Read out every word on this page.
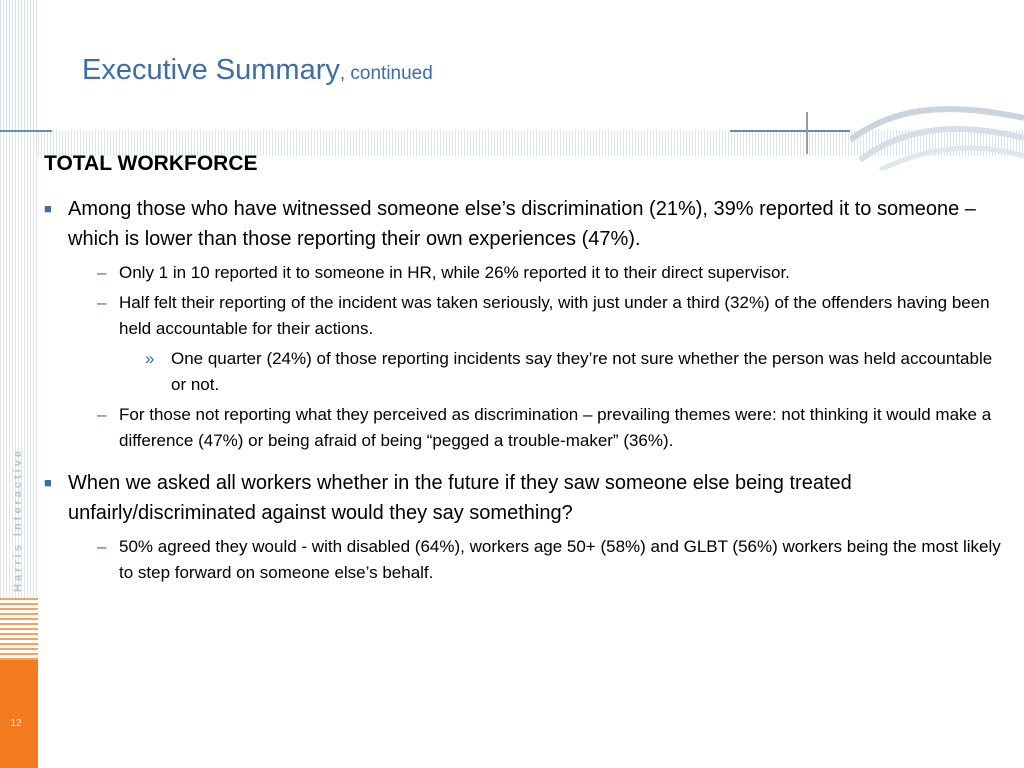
Harris Interactive
12
Executive Summary, continued
TOTAL WORKFORCE
■ Among those who have witnessed someone else’s discrimination (21%), 39% reported it to someone – which is lower than those reporting their own experiences (47%).
– Only 1 in 10 reported it to someone in HR, while 26% reported it to their direct supervisor.
– Half felt their reporting of the incident was taken seriously, with just under a third (32%) of the offenders having been held accountable for their actions.
» One quarter (24%) of those reporting incidents say they’re not sure whether the person was held accountable or not.
– For those not reporting what they perceived as discrimination – prevailing themes were: not thinking it would make a difference (47%) or being afraid of being “pegged a trouble-maker” (36%).
■ When we asked all workers whether in the future if they saw someone else being treated unfairly/discriminated against would they say something?
– 50% agreed they would - with disabled (64%), workers age 50+ (58%) and GLBT (56%) workers being the most likely to step forward on someone else’s behalf.
